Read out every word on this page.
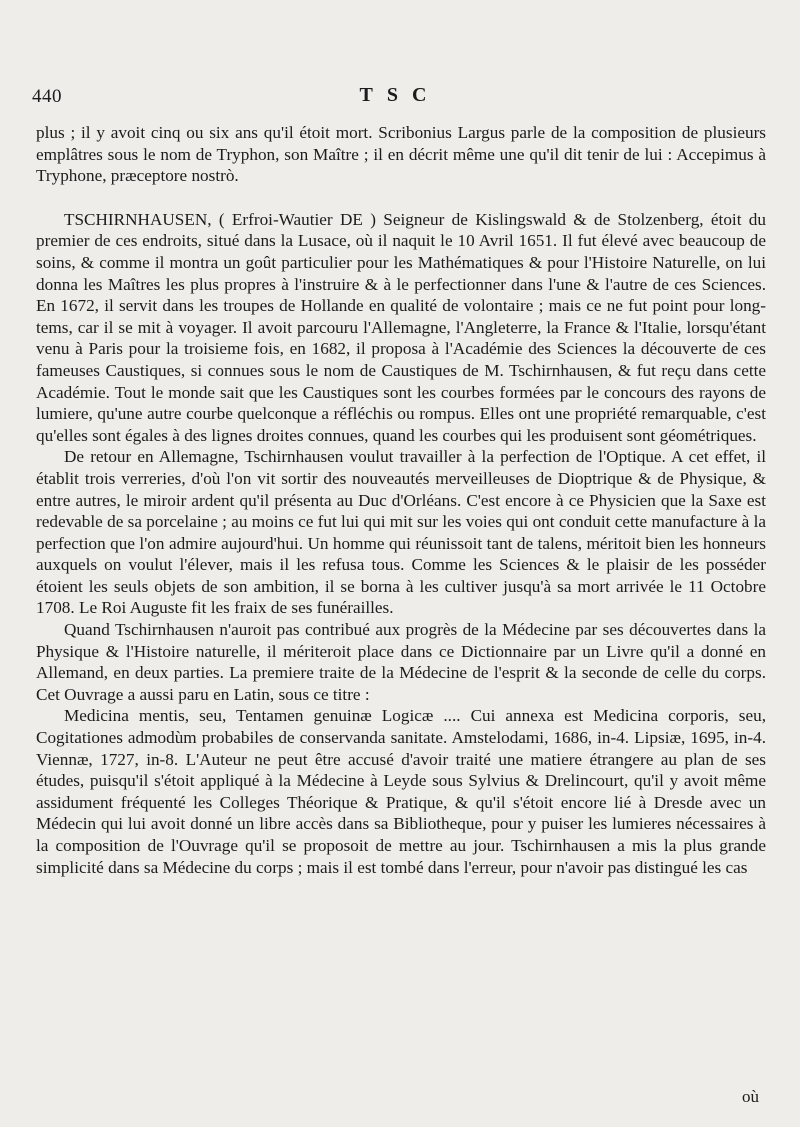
440	TSC

plus ; il y avoit cinq ou six ans qu'il étoit mort. Scribonius Largus parle de la composition de plusieurs emplâtres sous le nom de Tryphon, son Maître ; il en décrit même une qu'il dit tenir de lui : Accepimus à Tryphone, præceptore nostrò.

TSCHIRNHAUSEN, ( Erfroi-Wautier DE ) Seigneur de Kislingswald & de Stolzenberg, étoit du premier de ces endroits, situé dans la Lusace, où il naquit le 10 Avril 1651. Il fut élevé avec beaucoup de soins, & comme il montra un goût particulier pour les Mathématiques & pour l'Histoire Naturelle, on lui donna les Maîtres les plus propres à l'instruire & à le perfectionner dans l'une & l'autre de ces Sciences. En 1672, il servit dans les troupes de Hollande en qualité de volontaire ; mais ce ne fut point pour long-tems, car il se mit à voyager. Il avoit parcouru l'Allemagne, l'Angleterre, la France & l'Italie, lorsqu'étant venu à Paris pour la troisieme fois, en 1682, il proposa à l'Académie des Sciences la découverte de ces fameuses Caustiques, si connues sous le nom de Caustiques de M. Tschirnhausen, & fut reçu dans cette Académie. Tout le monde sait que les Caustiques sont les courbes formées par le concours des rayons de lumiere, qu'une autre courbe quelconque a réfléchis ou rompus. Elles ont une propriété remarquable, c'est qu'elles sont égales à des lignes droites connues, quand les courbes qui les produisent sont géométriques.

De retour en Allemagne, Tschirnhausen voulut travailler à la perfection de l'Optique. A cet effet, il établit trois verreries, d'où l'on vit sortir des nouveautés merveilleuses de Dioptrique & de Physique, & entre autres, le miroir ardent qu'il présenta au Duc d'Orléans. C'est encore à ce Physicien que la Saxe est redevable de sa porcelaine ; au moins ce fut lui qui mit sur les voies qui ont conduit cette manufacture à la perfection que l'on admire aujourd'hui. Un homme qui réunissoit tant de talens, méritoit bien les honneurs auxquels on voulut l'élever, mais il les refusa tous. Comme les Sciences & le plaisir de les posséder étoient les seuls objets de son ambition, il se borna à les cultiver jusqu'à sa mort arrivée le 11 Octobre 1708. Le Roi Auguste fit les fraix de ses funérailles.

Quand Tschirnhausen n'auroit pas contribué aux progrès de la Médecine par ses découvertes dans la Physique & l'Histoire naturelle, il mériteroit place dans ce Dictionnaire par un Livre qu'il a donné en Allemand, en deux parties. La premiere traite de la Médecine de l'esprit & la seconde de celle du corps. Cet Ouvrage a aussi paru en Latin, sous ce titre :

Medicina mentis, seu, Tentamen genuinæ Logicæ .... Cui annexa est Medicina corporis, seu, Cogitationes admodùm probabiles de conservanda sanitate. Amstelodami, 1686, in-4. Lipsiæ, 1695, in-4. Viennæ, 1727, in-8. L'Auteur ne peut être accusé d'avoir traité une matiere étrangere au plan de ses études, puisqu'il s'étoit appliqué à la Médecine à Leyde sous Sylvius & Drelincourt, qu'il y avoit même assidument fréquenté les Colleges Théorique & Pratique, & qu'il s'étoit encore lié à Dresde avec un Médecin qui lui avoit donné un libre accès dans sa Bibliotheque, pour y puiser les lumieres nécessaires à la composition de l'Ouvrage qu'il se proposoit de mettre au jour. Tschirnhausen a mis la plus grande simplicité dans sa Médecine du corps ; mais il est tombé dans l'erreur, pour n'avoir pas distingué les cas

où
